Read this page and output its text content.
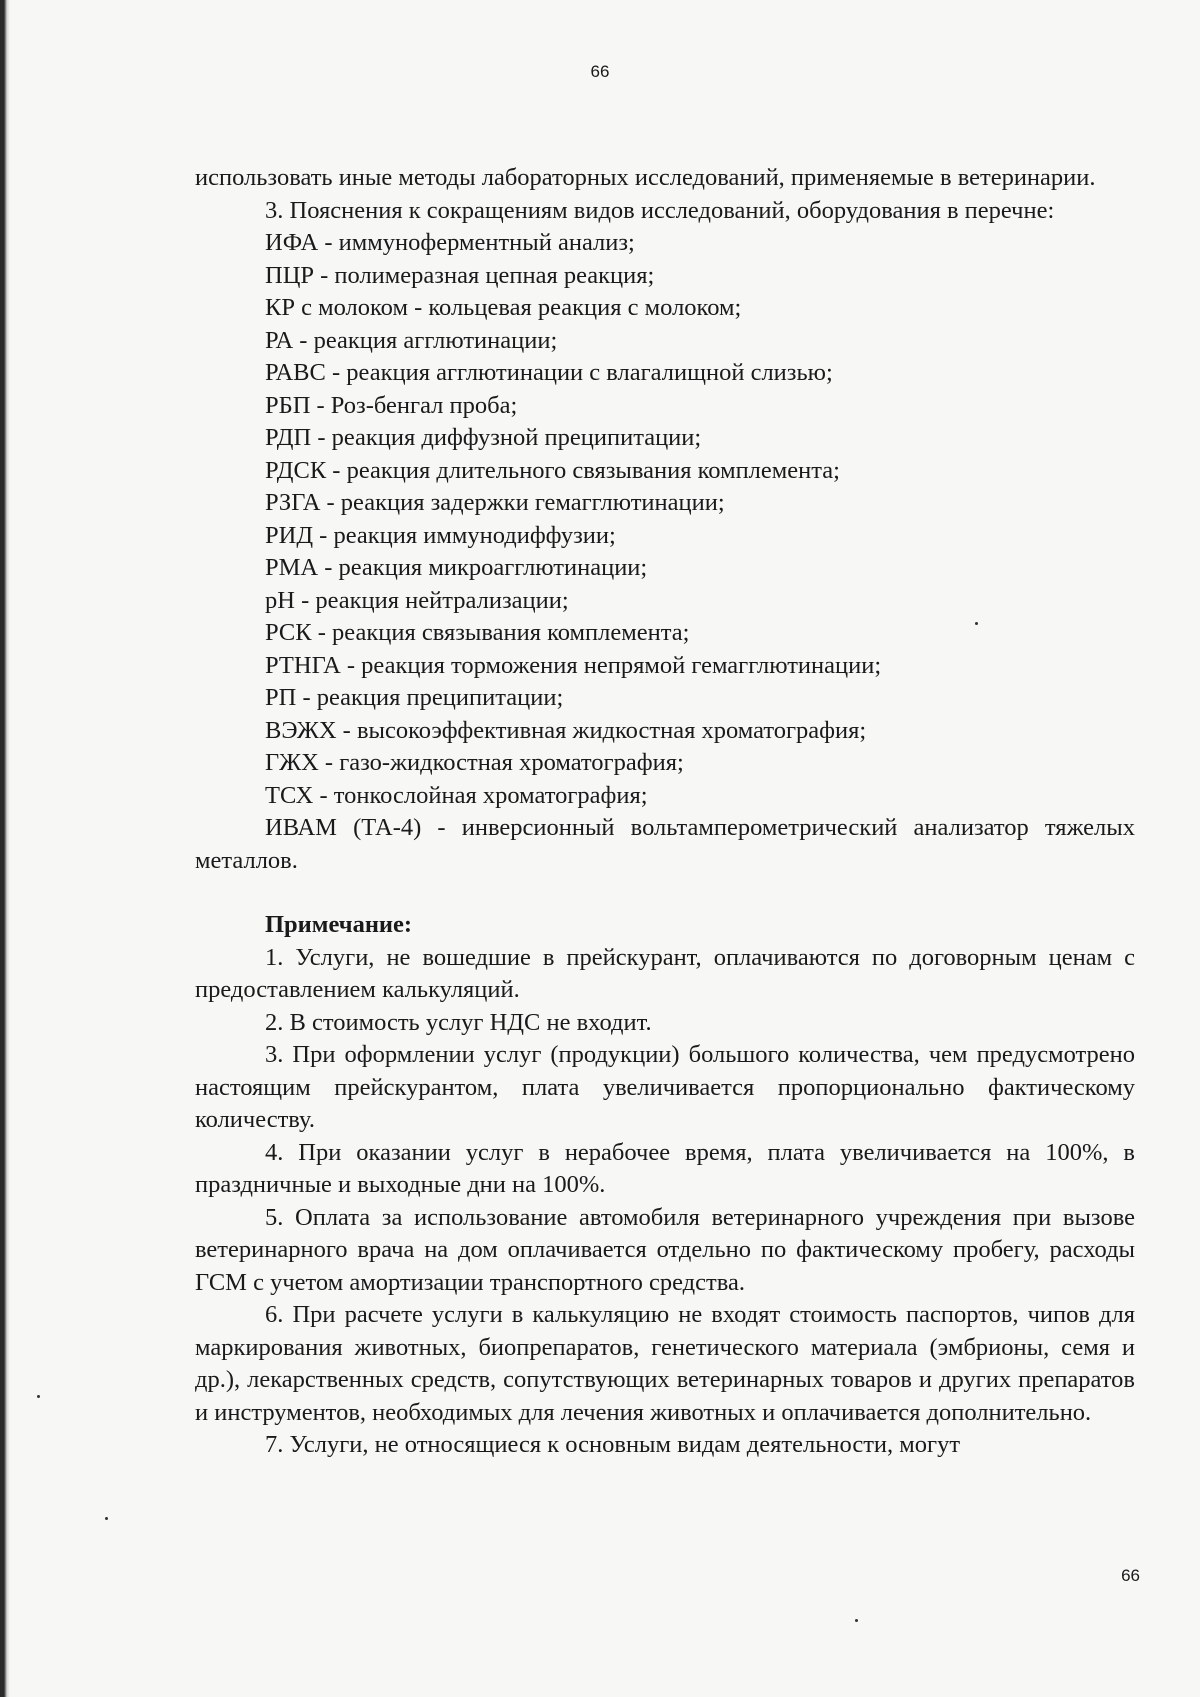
66

использовать иные методы лабораторных исследований, применяемые в ветеринарии.

3. Пояснения к сокращениям видов исследований, оборудования в перечне:

ИФА - иммуноферментный анализ;

ПЦР - полимеразная цепная реакция;

КР с молоком - кольцевая реакция с молоком;

РА - реакция агглютинации;

РАВС - реакция агглютинации с влагалищной слизью;

РБП - Роз-бенгал проба;

РДП - реакция диффузной преципитации;

РДСК - реакция длительного связывания комплемента;

РЗГА - реакция задержки гемагглютинации;

РИД - реакция иммунодиффузии;

РМА - реакция микроагглютинации;

pH - реакция нейтрализации;

РСК - реакция связывания комплемента;

РТНГА - реакция торможения непрямой гемагглютинации;

РП - реакция преципитации;

ВЭЖХ - высокоэффективная жидкостная хроматография;

ГЖХ - газо-жидкостная хроматография;

ТСХ - тонкослойная хроматография;

ИВАМ (ТА-4) - инверсионный вольтамперометрический анализатор тяжелых металлов.

Примечание:

1. Услуги, не вошедшие в прейскурант, оплачиваются по договорным ценам с предоставлением калькуляций.

2. В стоимость услуг НДС не входит.

3. При оформлении услуг (продукции) большого количества, чем предусмотрено настоящим прейскурантом, плата увеличивается пропорционально фактическому количеству.

4. При оказании услуг в нерабочее время, плата увеличивается на 100%, в праздничные и выходные дни на 100%.

5. Оплата за использование автомобиля ветеринарного учреждения при вызове ветеринарного врача на дом оплачивается отдельно по фактическому пробегу, расходы ГСМ с учетом амортизации транспортного средства.

6. При расчете услуги в калькуляцию не входят стоимость паспортов, чипов для маркирования животных, биопрепаратов, генетического материала (эмбрионы, семя и др.), лекарственных средств, сопутствующих ветеринарных товаров и других препаратов и инструментов, необходимых для лечения животных и оплачивается дополнительно.

7. Услуги, не относящиеся к основным видам деятельности, могут

66
